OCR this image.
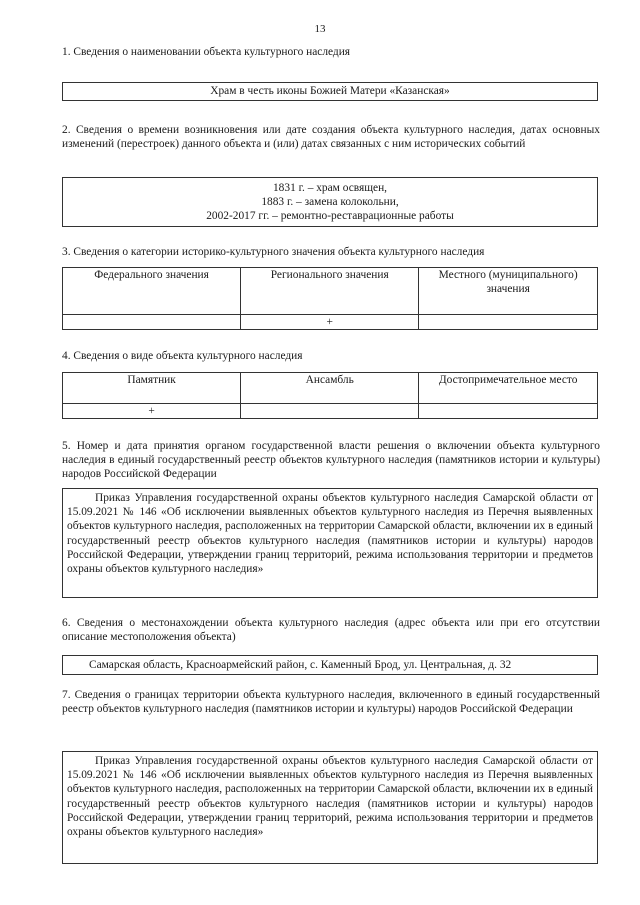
13
1. Сведения о наименовании объекта культурного наследия
Храм в честь иконы Божией Матери «Казанская»
2. Сведения о времени возникновения или дате создания объекта культурного наследия, датах основных изменений (перестроек) данного объекта и (или) датах связанных с ним исторических событий
1831 г. – храм освящен,
1883 г. – замена колокольни,
2002-2017 гг. – ремонтно-реставрационные работы
3. Сведения о категории историко-культурного значения объекта культурного наследия
Федерального значения	Регионального значения	Местного (муниципального) значения
	+	
4. Сведения о виде объекта культурного наследия
Памятник	Ансамбль	Достопримечательное место
+		
5. Номер и дата принятия органом государственной власти решения о включении объекта культурного наследия в единый государственный реестр объектов культурного наследия (памятников истории и культуры) народов Российской Федерации
Приказ Управления государственной охраны объектов культурного наследия Самарской области от 15.09.2021 № 146 «Об исключении выявленных объектов культурного наследия из Перечня выявленных объектов культурного наследия, расположенных на территории Самарской области, включении их в единый государственный реестр объектов культурного наследия (памятников истории и культуры) народов Российской Федерации, утверждении границ территорий, режима использования территории и предметов охраны объектов культурного наследия»
6. Сведения о местонахождении объекта культурного наследия (адрес объекта или при его отсутствии описание местоположения объекта)
Самарская область, Красноармейский район, с. Каменный Брод, ул. Центральная, д. 32
7. Сведения о границах территории объекта культурного наследия, включенного в единый государственный реестр объектов культурного наследия (памятников истории и культуры) народов Российской Федерации
Приказ Управления государственной охраны объектов культурного наследия Самарской области от 15.09.2021 № 146 «Об исключении выявленных объектов культурного наследия из Перечня выявленных объектов культурного наследия, расположенных на территории Самарской области, включении их в единый государственный реестр объектов культурного наследия (памятников истории и культуры) народов Российской Федерации, утверждении границ территорий, режима использования территории и предметов охраны объектов культурного наследия»
